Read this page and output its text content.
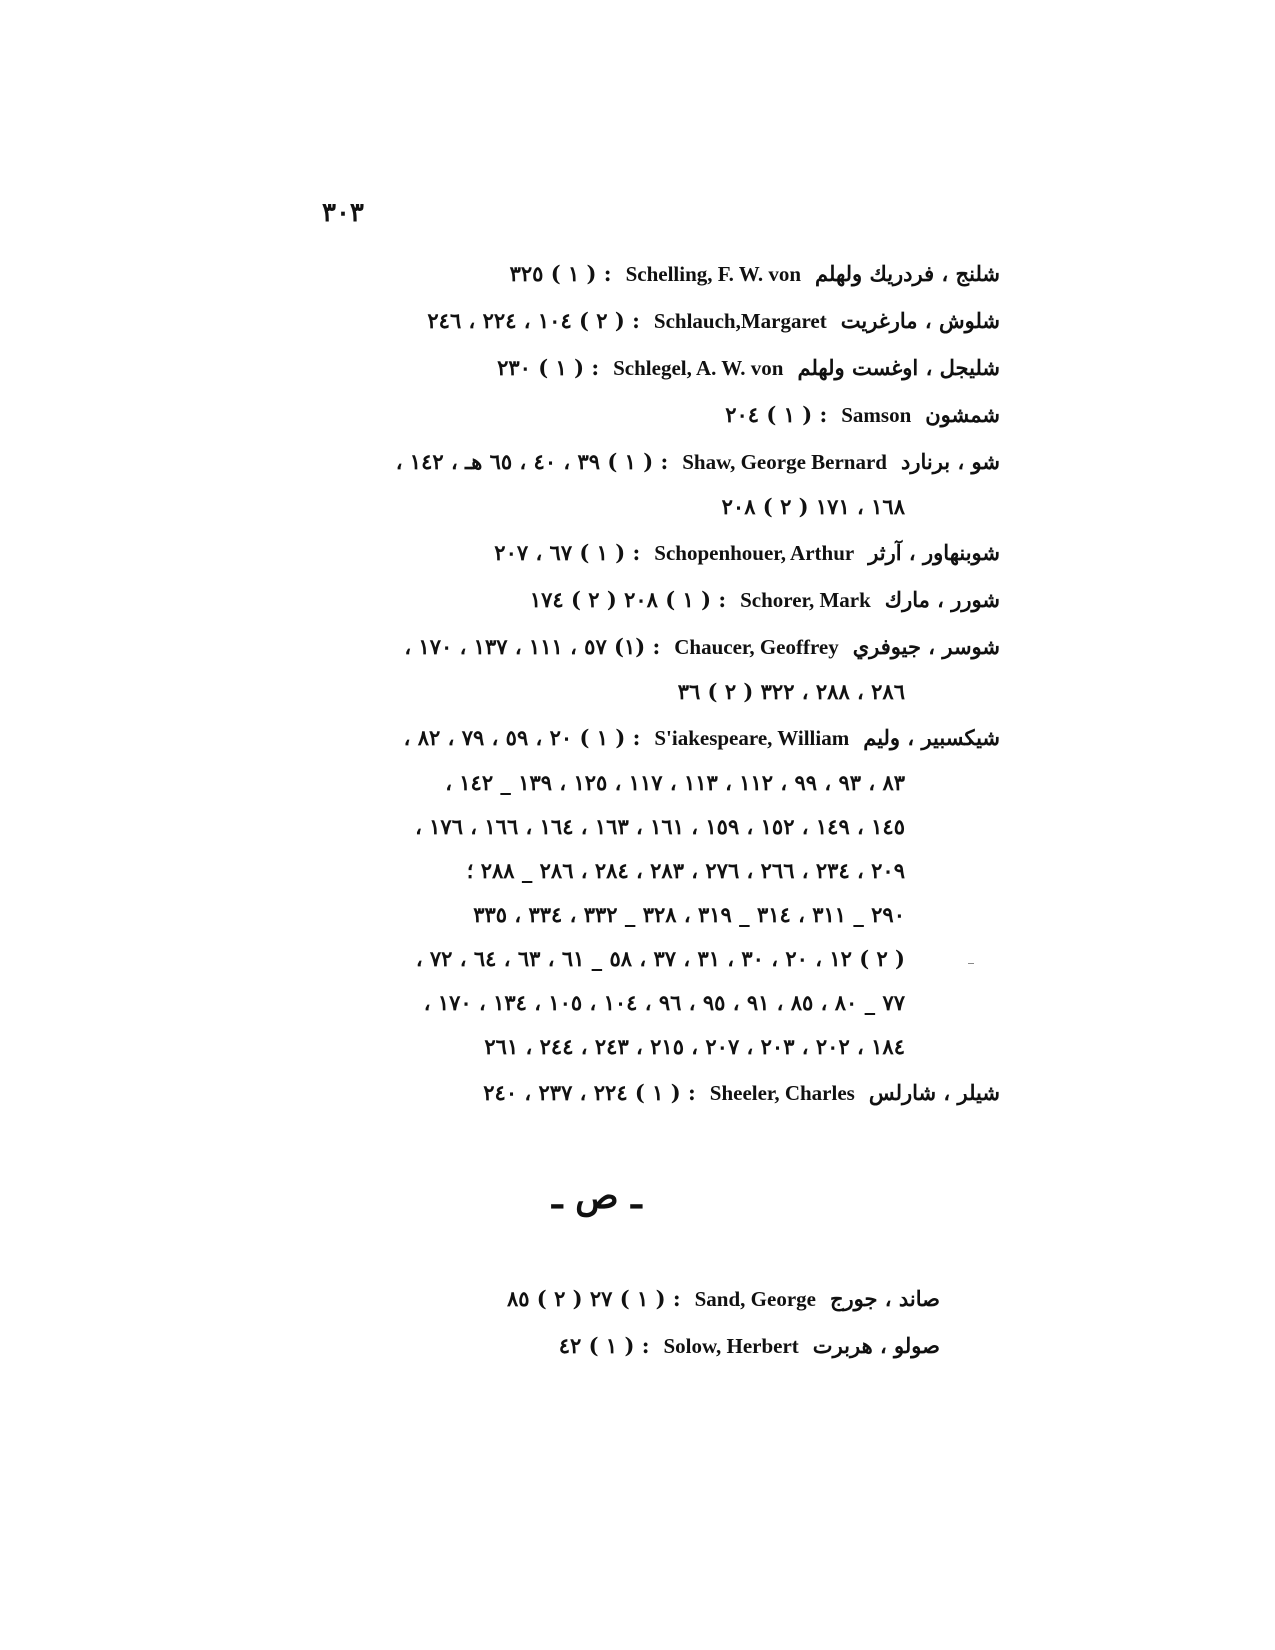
٣٠٣
شلنج ، فردريك ولهلمSchelling, F. W. von: ( ١ ) ٣٢٥
شلوش ، مارغريتSchlauch,Margaret: ( ٢ ) ١٠٤ ، ٢٢٤ ، ٢٤٦
شليجل ، اوغست ولهلمSchlegel, A. W. von: ( ١ ) ٢٣٠
شمشونSamson: ( ١ ) ٢٠٤
شو ، برناردShaw, George Bernard: ( ١ ) ٣٩ ، ٤٠ ، ٦٥ هـ ، ١٤٢ ،
١٦٨ ، ١٧١ ( ٢ ) ٢٠٨
شوبنهاور ، آرثرSchopenhouer, Arthur: ( ١ ) ٦٧ ، ٢٠٧
شورر ، ماركSchorer, Mark: ( ١ ) ٢٠٨ ( ٢ ) ١٧٤
شوسر ، جيوفريChaucer, Geoffrey: (١) ٥٧ ، ١١١ ، ١٣٧ ، ١٧٠ ،
٢٨٦ ، ٢٨٨ ، ٣٢٢ ( ٢ ) ٣٦
شيكسبير ، وليمS'iakespeare, William: ( ١ ) ٢٠ ، ٥٩ ، ٧٩ ، ٨٢ ،
٨٣ ، ٩٣ ، ٩٩ ، ١١٢ ، ١١٣ ، ١١٧ ، ١٢٥ ، ١٣٩ _ ١٤٢ ،
١٤٥ ، ١٤٩ ، ١٥٢ ، ١٥٩ ، ١٦١ ، ١٦٣ ، ١٦٤ ، ١٦٦ ، ١٧٦ ،
٢٠٩ ، ٢٣٤ ، ٢٦٦ ، ٢٧٦ ، ٢٨٣ ، ٢٨٤ ، ٢٨٦ _ ٢٨٨ ؛
٢٩٠ _ ٣١١ ، ٣١٤ _ ٣١٩ ، ٣٢٨ _ ٣٣٢ ، ٣٣٤ ، ٣٣٥
( ٢ ) ١٢ ، ٢٠ ، ٣٠ ، ٣١ ، ٣٧ ، ٥٨ _ ٦١ ، ٦٣ ، ٦٤ ، ٧٢ ،
٧٧ _ ٨٠ ، ٨٥ ، ٩١ ، ٩٥ ، ٩٦ ، ١٠٤ ، ١٠٥ ، ١٣٤ ، ١٧٠ ،
١٨٤ ، ٢٠٢ ، ٢٠٣ ، ٢٠٧ ، ٢١٥ ، ٢٤٣ ، ٢٤٤ ، ٢٦١
شيلر ، شارلسSheeler, Charles: ( ١ ) ٢٢٤ ، ٢٣٧ ، ٢٤٠
ـ ص ـ
صاند ، جورجSand, George: ( ١ ) ٢٧ ( ٢ ) ٨٥
صولو ، هربرتSolow, Herbert: ( ١ ) ٤٢
